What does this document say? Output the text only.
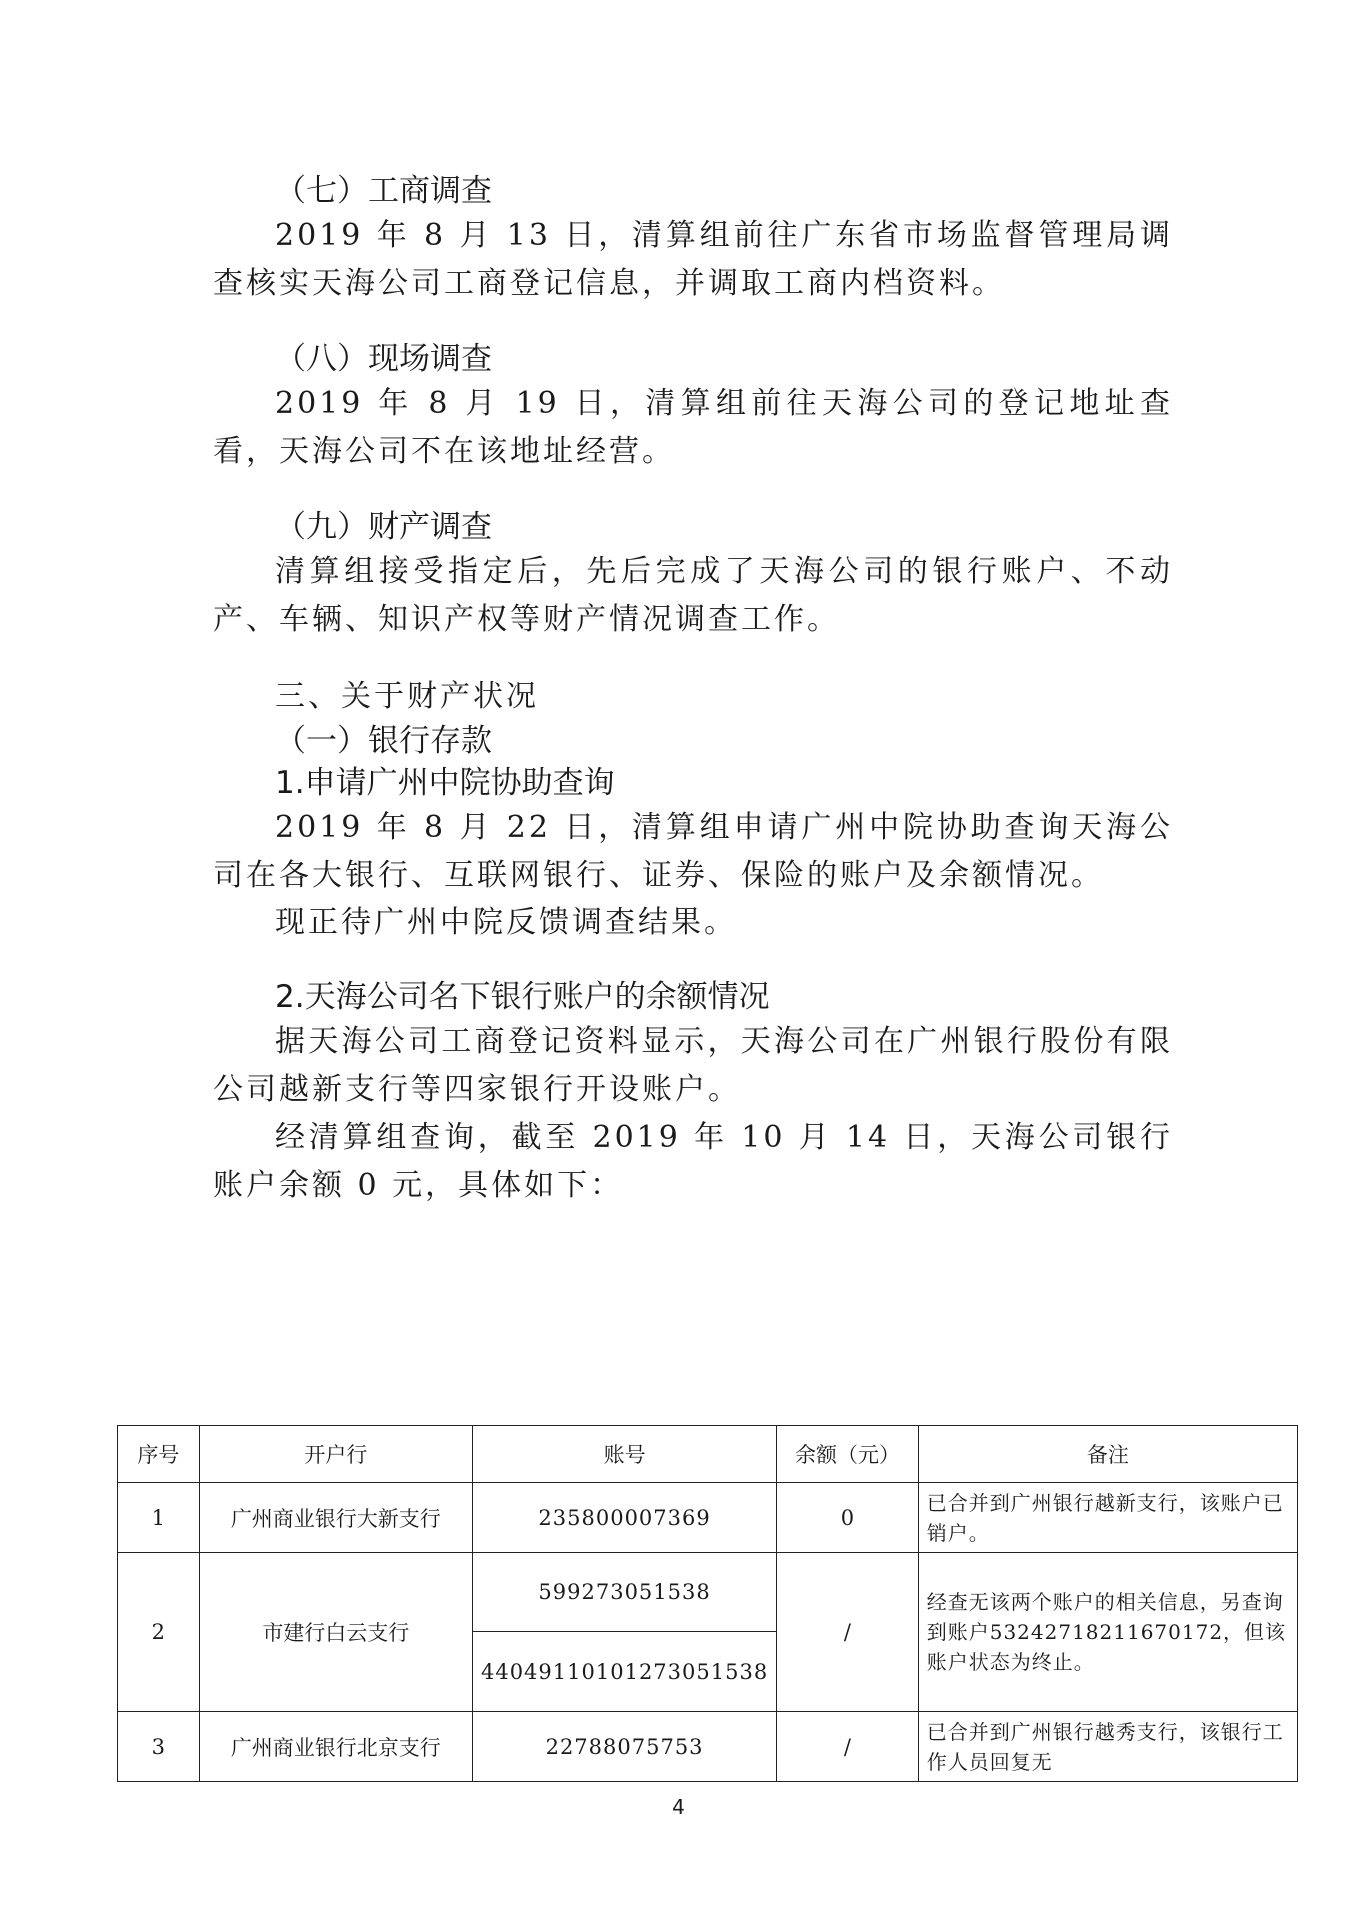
（七）工商调查

2019 年 8 月 13 日，清算组前往广东省市场监督管理局调查核实天海公司工商登记信息，并调取工商内档资料。

（八）现场调查

2019 年 8 月 19 日，清算组前往天海公司的登记地址查看，天海公司不在该地址经营。

（九）财产调查

清算组接受指定后，先后完成了天海公司的银行账户、不动产、车辆、知识产权等财产情况调查工作。

三、关于财产状况

（一）银行存款

1.申请广州中院协助查询

2019 年 8 月 22 日，清算组申请广州中院协助查询天海公司在各大银行、互联网银行、证券、保险的账户及余额情况。

现正待广州中院反馈调查结果。

2.天海公司名下银行账户的余额情况

据天海公司工商登记资料显示，天海公司在广州银行股份有限公司越新支行等四家银行开设账户。

经清算组查询，截至 2019 年 10 月 14 日，天海公司银行账户余额 0 元，具体如下：

序号	开户行	账号	余额（元）	备注
1	广州商业银行大新支行	235800007369	0	已合并到广州银行越新支行，该账户已销户。
2	市建行白云支行	599273051538	/	经查无该两个账户的相关信息，另查询到账户53242718211670172，但该账户状态为终止。
		44049110101273051538		
3	广州商业银行北京支行	22788075753	/	已合并到广州银行越秀支行，该银行工作人员回复无
4
